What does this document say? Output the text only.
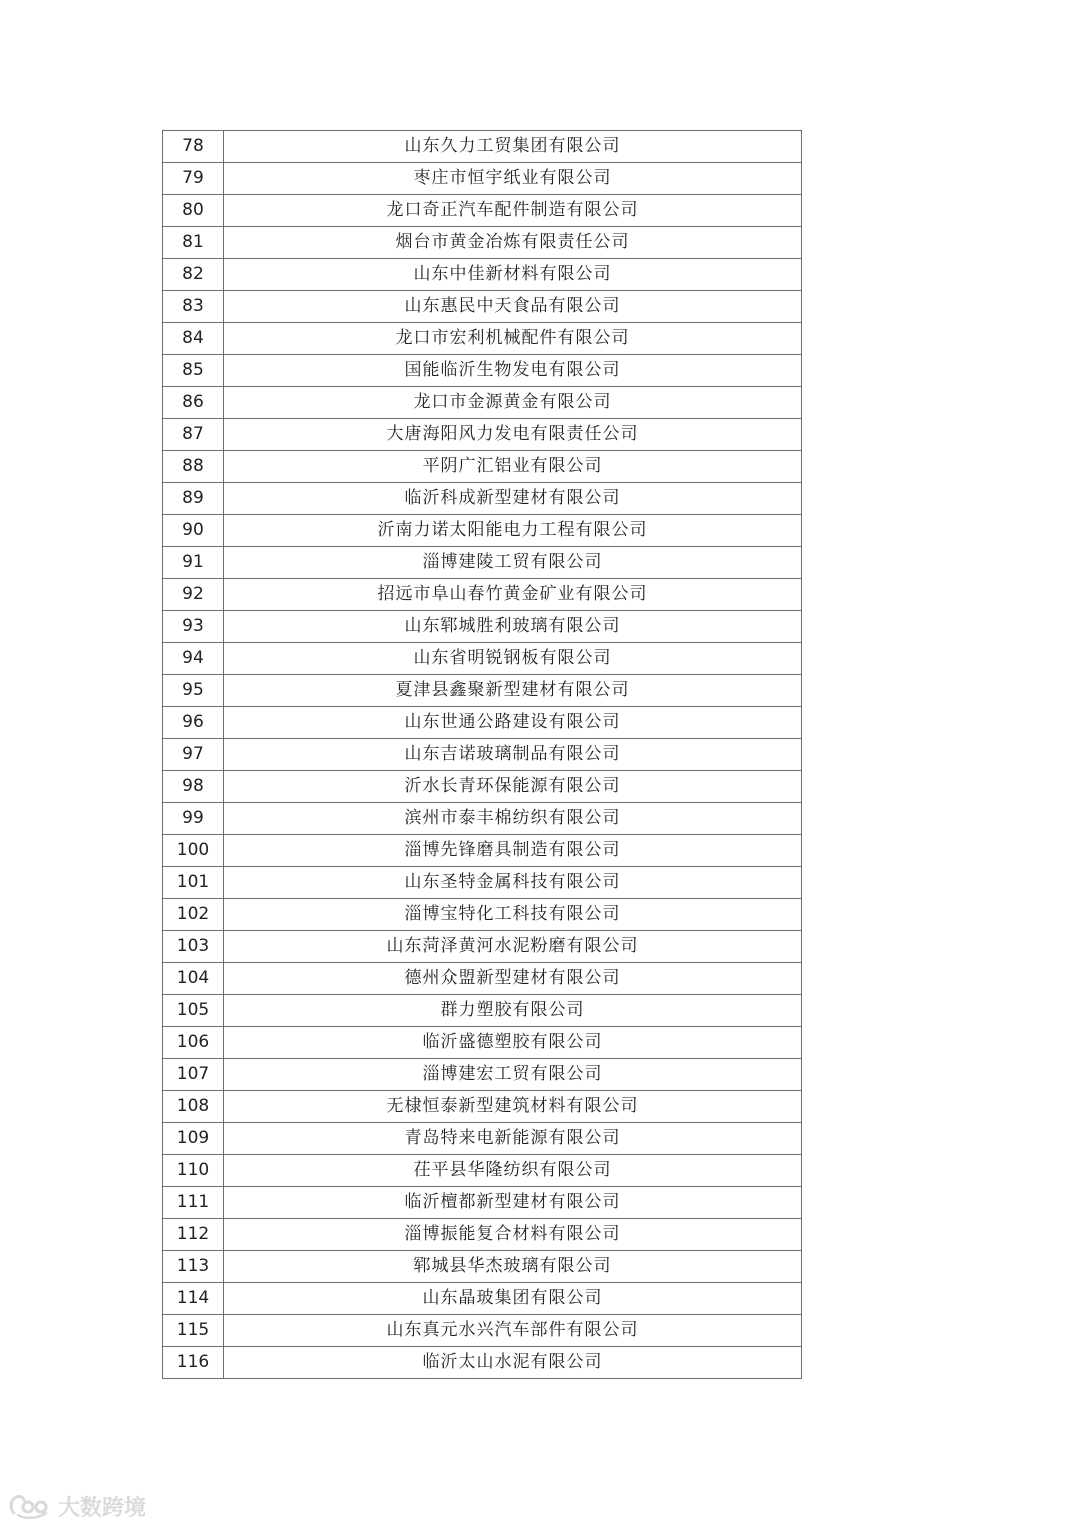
78	山东久力工贸集团有限公司
79	枣庄市恒宇纸业有限公司
80	龙口奇正汽车配件制造有限公司
81	烟台市黄金冶炼有限责任公司
82	山东中佳新材料有限公司
83	山东惠民中天食品有限公司
84	龙口市宏利机械配件有限公司
85	国能临沂生物发电有限公司
86	龙口市金源黄金有限公司
87	大唐海阳风力发电有限责任公司
88	平阴广汇铝业有限公司
89	临沂科成新型建材有限公司
90	沂南力诺太阳能电力工程有限公司
91	淄博建陵工贸有限公司
92	招远市阜山春竹黄金矿业有限公司
93	山东郓城胜利玻璃有限公司
94	山东省明锐钢板有限公司
95	夏津县鑫聚新型建材有限公司
96	山东世通公路建设有限公司
97	山东吉诺玻璃制品有限公司
98	沂水长青环保能源有限公司
99	滨州市泰丰棉纺织有限公司
100	淄博先锋磨具制造有限公司
101	山东圣特金属科技有限公司
102	淄博宝特化工科技有限公司
103	山东菏泽黄河水泥粉磨有限公司
104	德州众盟新型建材有限公司
105	群力塑胶有限公司
106	临沂盛德塑胶有限公司
107	淄博建宏工贸有限公司
108	无棣恒泰新型建筑材料有限公司
109	青岛特来电新能源有限公司
110	茌平县华隆纺织有限公司
111	临沂檀都新型建材有限公司
112	淄博振能复合材料有限公司
113	郓城县华杰玻璃有限公司
114	山东晶玻集团有限公司
115	山东真元水兴汽车部件有限公司
116	临沂太山水泥有限公司
大数跨境
